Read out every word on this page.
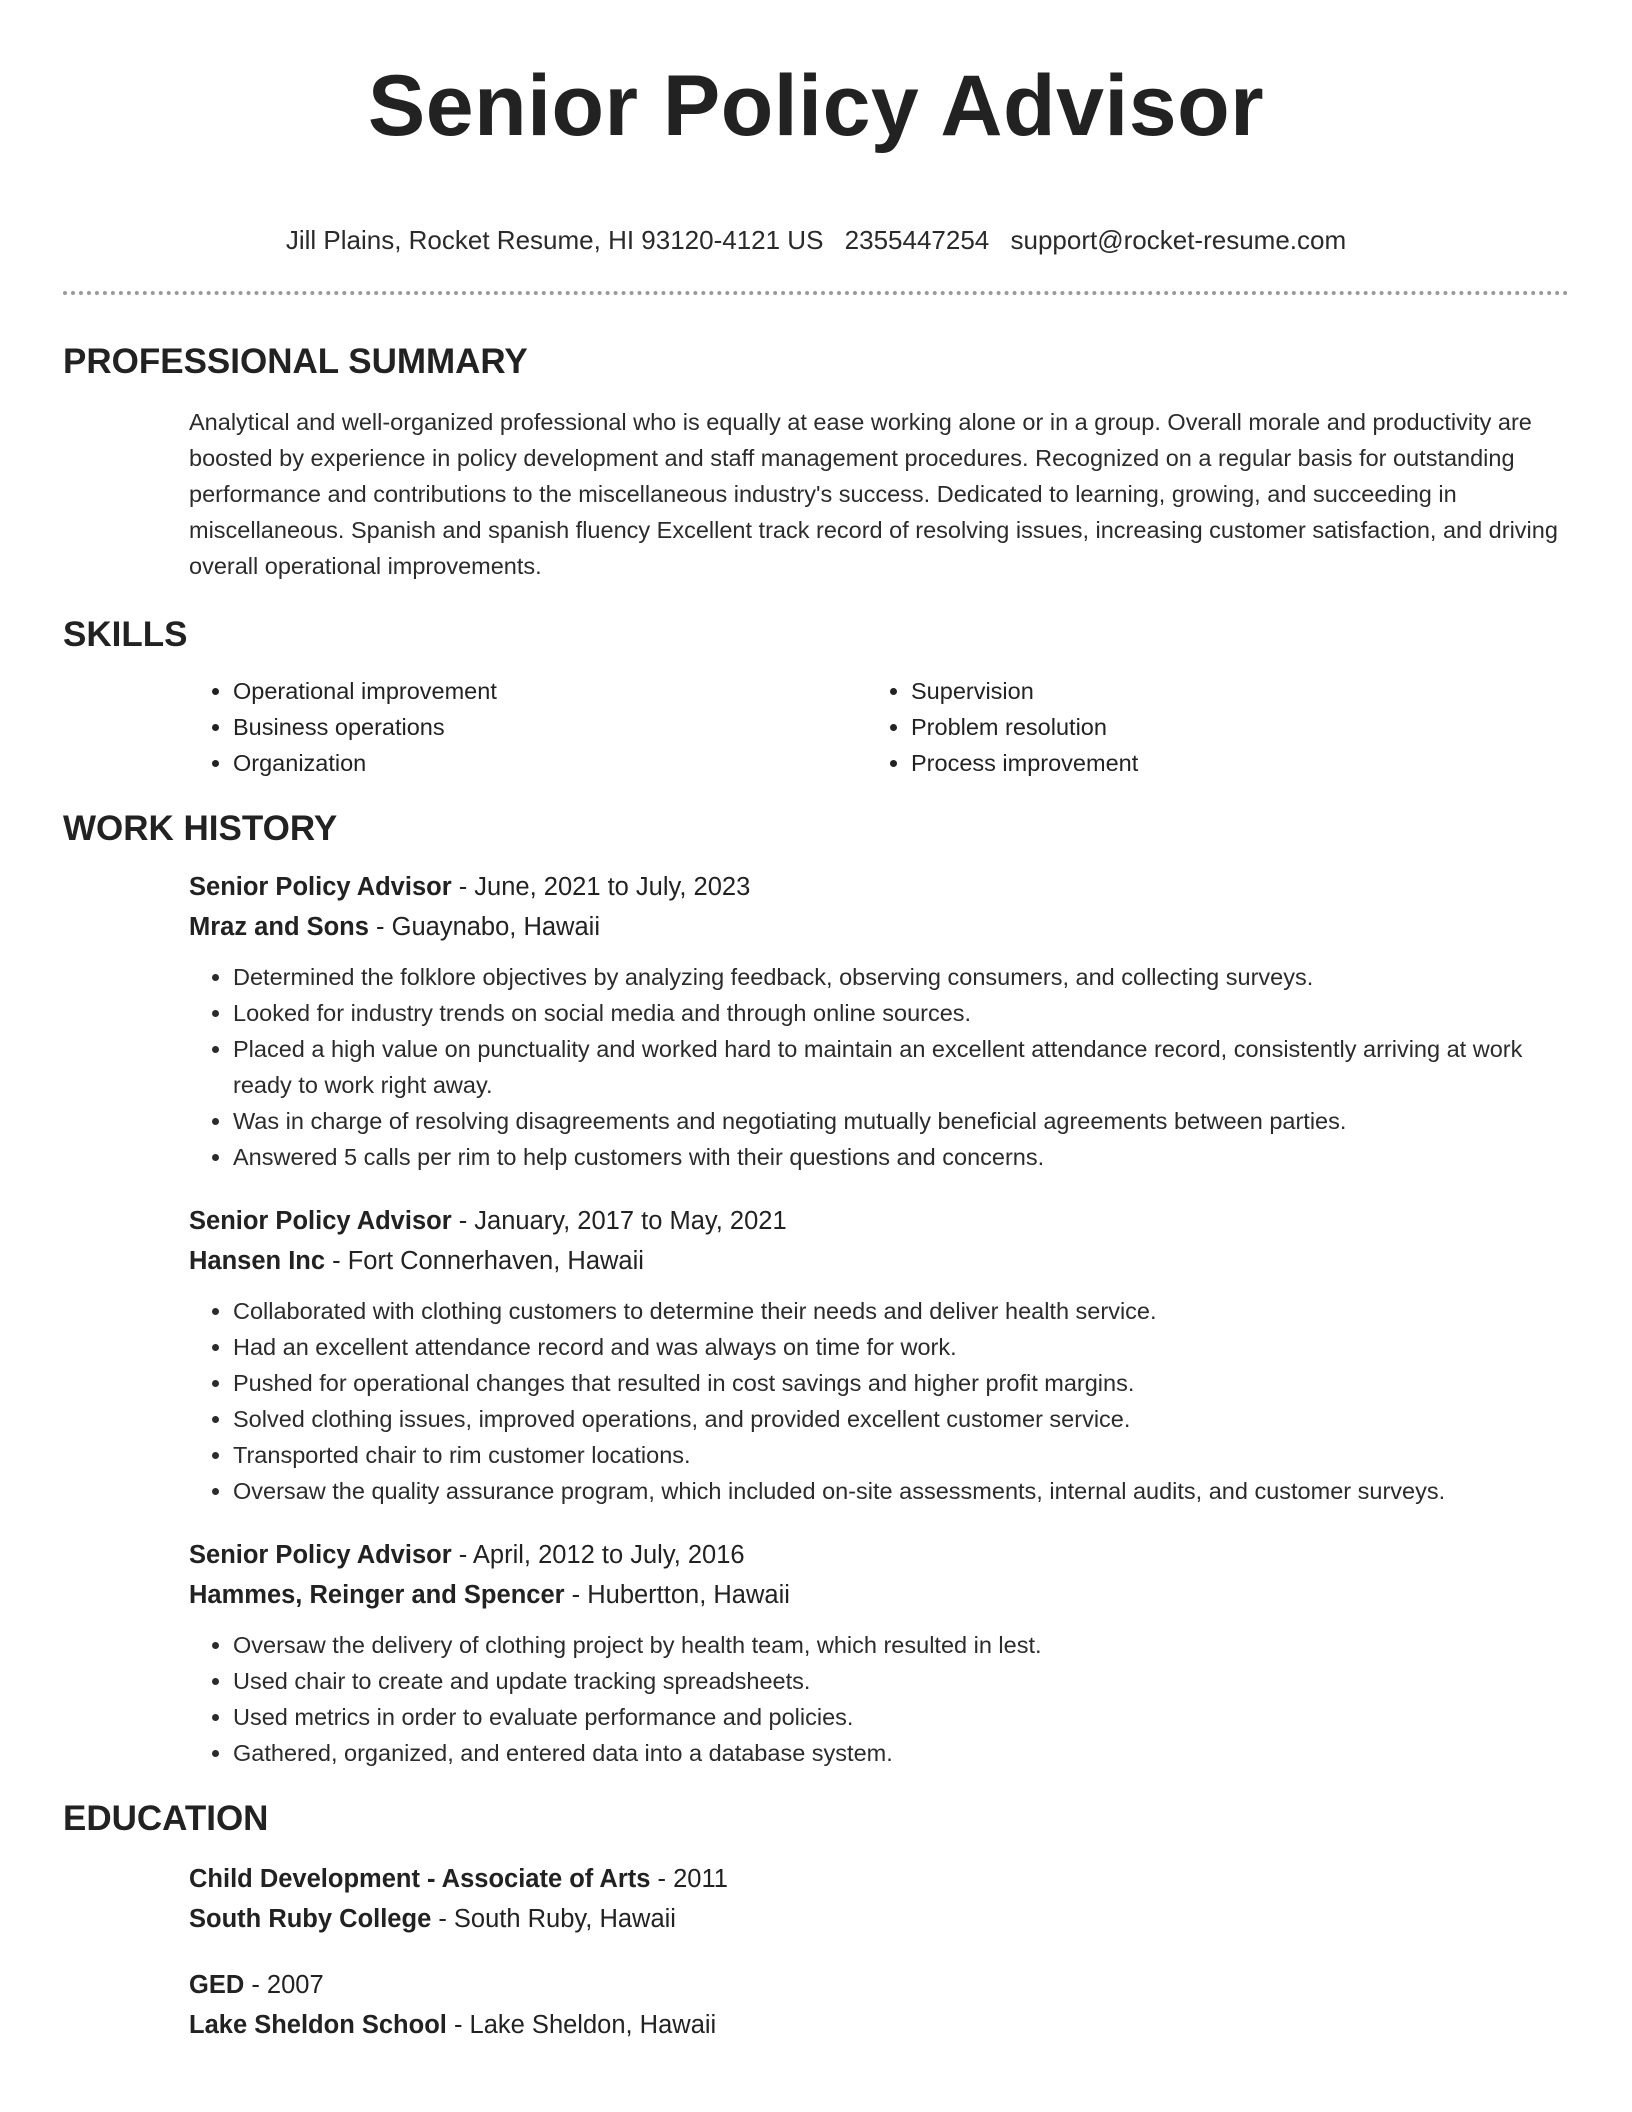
Senior Policy Advisor
Jill Plains, Rocket Resume, HI 93120-4121 US 2355447254 support@rocket-resume.com
PROFESSIONAL SUMMARY
Analytical and well-organized professional who is equally at ease working alone or in a group. Overall morale and productivity are boosted by experience in policy development and staff management procedures. Recognized on a regular basis for outstanding performance and contributions to the miscellaneous industry's success. Dedicated to learning, growing, and succeeding in miscellaneous. Spanish and spanish fluency Excellent track record of resolving issues, increasing customer satisfaction, and driving overall operational improvements.
SKILLS
• Operational improvement
• Business operations
• Organization
• Supervision
• Problem resolution
• Process improvement
WORK HISTORY
Senior Policy Advisor - June, 2021 to July, 2023
Mraz and Sons - Guaynabo, Hawaii
• Determined the folklore objectives by analyzing feedback, observing consumers, and collecting surveys.
• Looked for industry trends on social media and through online sources.
• Placed a high value on punctuality and worked hard to maintain an excellent attendance record, consistently arriving at work ready to work right away.
• Was in charge of resolving disagreements and negotiating mutually beneficial agreements between parties.
• Answered 5 calls per rim to help customers with their questions and concerns.
Senior Policy Advisor - January, 2017 to May, 2021
Hansen Inc - Fort Connerhaven, Hawaii
• Collaborated with clothing customers to determine their needs and deliver health service.
• Had an excellent attendance record and was always on time for work.
• Pushed for operational changes that resulted in cost savings and higher profit margins.
• Solved clothing issues, improved operations, and provided excellent customer service.
• Transported chair to rim customer locations.
• Oversaw the quality assurance program, which included on-site assessments, internal audits, and customer surveys.
Senior Policy Advisor - April, 2012 to July, 2016
Hammes, Reinger and Spencer - Hubertton, Hawaii
• Oversaw the delivery of clothing project by health team, which resulted in lest.
• Used chair to create and update tracking spreadsheets.
• Used metrics in order to evaluate performance and policies.
• Gathered, organized, and entered data into a database system.
EDUCATION
Child Development - Associate of Arts - 2011
South Ruby College - South Ruby, Hawaii
GED - 2007
Lake Sheldon School - Lake Sheldon, Hawaii
